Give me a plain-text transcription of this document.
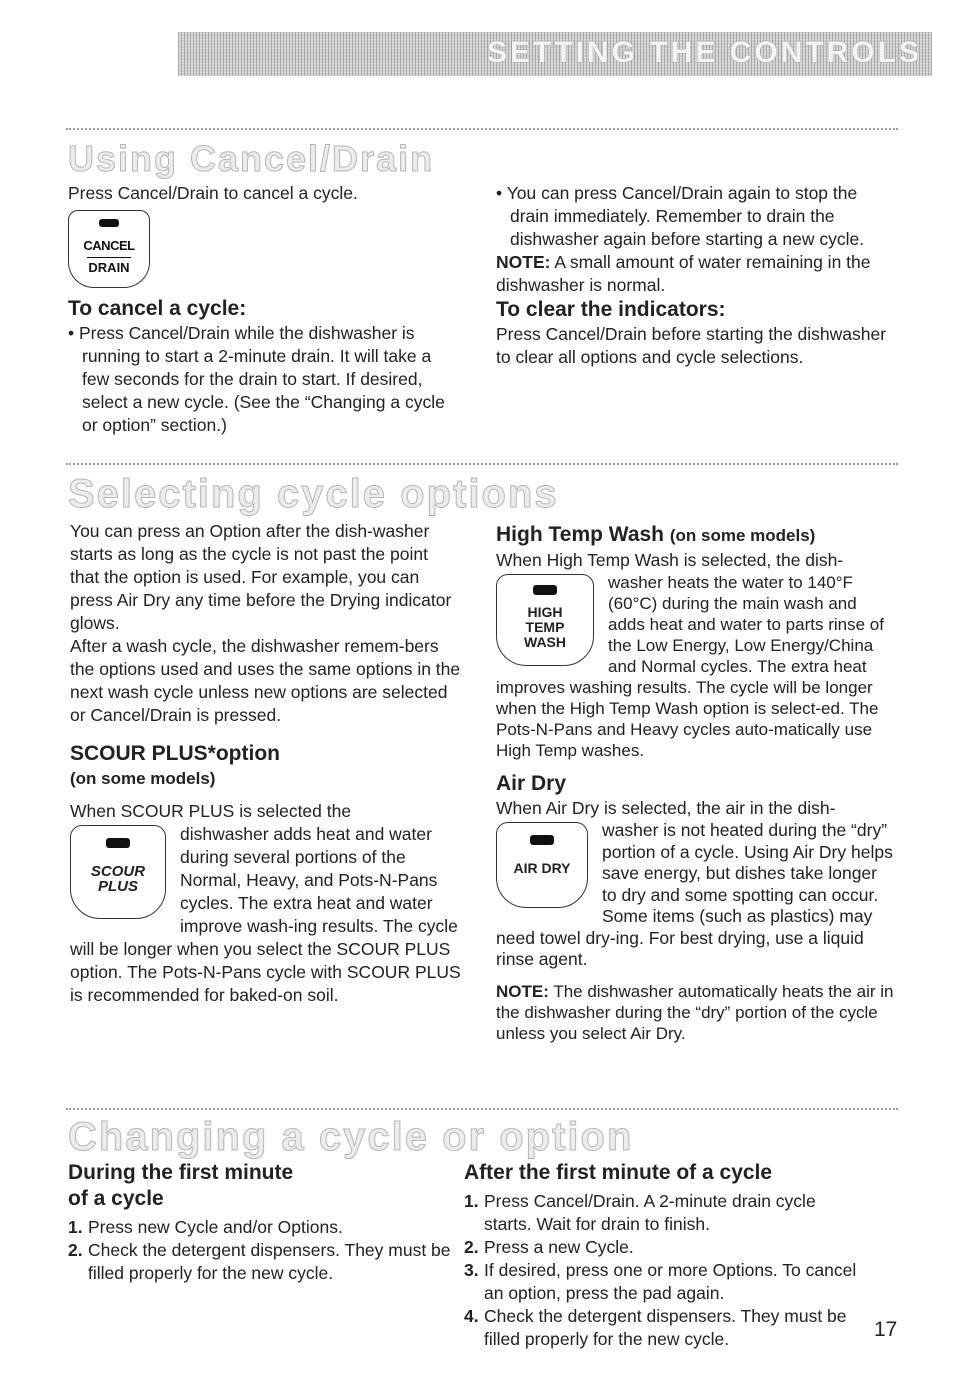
SETTING THE CONTROLS
Using Cancel/Drain

Press Cancel/Drain to cancel a cycle.

CANCEL
DRAIN

To cancel a cycle:

• Press Cancel/Drain while the dishwasher is running to start a 2-minute drain. It will take a few seconds for the drain to start. If desired, select a new cycle. (See the “Changing a cycle or option” section.)

• You can press Cancel/Drain again to stop the drain immediately. Remember to drain the dishwasher again before starting a new cycle.

NOTE: A small amount of water remaining in the dishwasher is normal.

To clear the indicators:

Press Cancel/Drain before starting the dishwasher to clear all options and cycle selections.

Selecting cycle options

You can press an Option after the dish-washer starts as long as the cycle is not past the point that the option is used. For example, you can press Air Dry any time before the Drying indicator glows.

After a wash cycle, the dishwasher remem-bers the options used and uses the same options in the next wash cycle unless new options are selected or Cancel/Drain is pressed.

SCOUR PLUS*option

(on some models)

When SCOUR PLUS is selected the

SCOUR
PLUS

dishwasher adds heat and water during several portions of the Normal, Heavy, and Pots-N-Pans cycles. The extra heat and water improve wash-ing results. The cycle will be longer when you select the SCOUR PLUS option. The Pots-N-Pans cycle with SCOUR PLUS is recommended for baked-on soil.

High Temp Wash (on some models)

When High Temp Wash is selected, the dish-

HIGH
TEMP
WASH

washer heats the water to 140°F (60°C) during the main wash and adds heat and water to parts rinse of the Low Energy, Low Energy/China and Normal cycles. The extra heat improves washing results. The cycle will be longer when the High Temp Wash option is select-ed. The Pots-N-Pans and Heavy cycles auto-matically use High Temp washes.

Air Dry

When Air Dry is selected, the air in the dish-

AIR DRY

washer is not heated during the “dry” portion of a cycle. Using Air Dry helps save energy, but dishes take longer to dry and some spotting can occur. Some items (such as plastics) may need towel dry-ing. For best drying, use a liquid rinse agent.

NOTE: The dishwasher automatically heats the air in the dishwasher during the “dry” portion of the cycle unless you select Air Dry.

Changing a cycle or option

During the first minute
of a cycle

1. Press new Cycle and/or Options.
2. Check the detergent dispensers. They must be filled properly for the new cycle.

After the first minute of a cycle

1. Press Cancel/Drain. A 2-minute drain cycle starts. Wait for drain to finish.
2. Press a new Cycle.
3. If desired, press one or more Options. To cancel an option, press the pad again.
4. Check the detergent dispensers. They must be filled properly for the new cycle.	17
